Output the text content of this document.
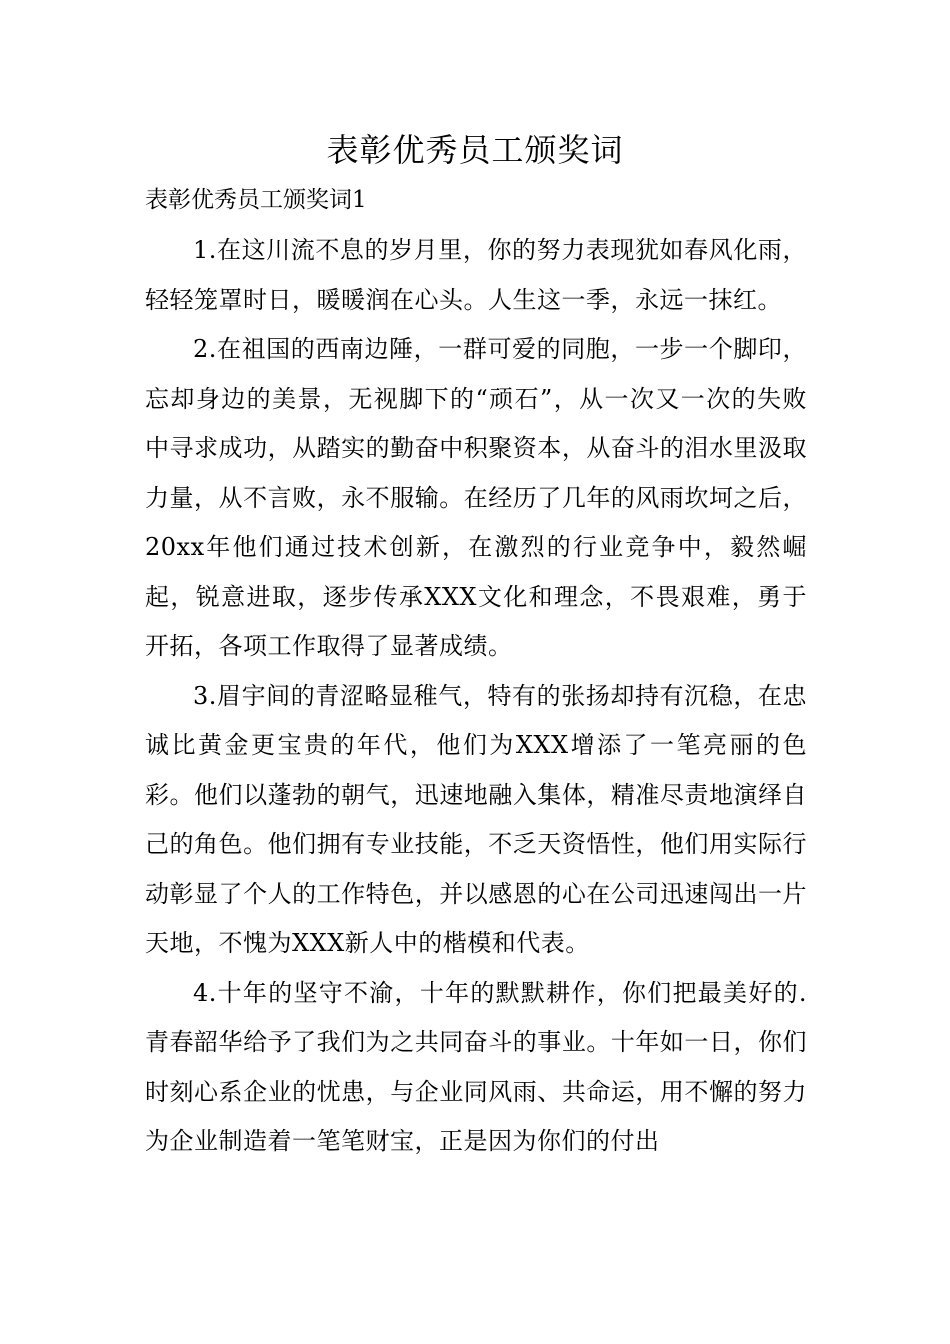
表彰优秀员工颁奖词

表彰优秀员工颁奖词1

1.在这川流不息的岁月里，你的努力表现犹如春风化雨，轻轻笼罩时日，暖暖润在心头。人生这一季，永远一抹红。

2.在祖国的西南边陲，一群可爱的同胞，一步一个脚印，忘却身边的美景，无视脚下的“顽石”，从一次又一次的失败中寻求成功，从踏实的勤奋中积聚资本，从奋斗的泪水里汲取力量，从不言败，永不服输。在经历了几年的风雨坎坷之后，20xx年他们通过技术创新，在激烈的行业竞争中，毅然崛起，锐意进取，逐步传承XXX文化和理念，不畏艰难，勇于开拓，各项工作取得了显著成绩。

3.眉宇间的青涩略显稚气，特有的张扬却持有沉稳，在忠诚比黄金更宝贵的年代，他们为XXX增添了一笔亮丽的色彩。他们以蓬勃的朝气，迅速地融入集体，精准尽责地演绎自己的角色。他们拥有专业技能，不乏天资悟性，他们用实际行动彰显了个人的工作特色，并以感恩的心在公司迅速闯出一片天地，不愧为XXX新人中的楷模和代表。

4.十年的坚守不渝，十年的默默耕作，你们把最美好的.青春韶华给予了我们为之共同奋斗的事业。十年如一日，你们时刻心系企业的忧患，与企业同风雨、共命运，用不懈的努力为企业制造着一笔笔财宝，正是因为你们的付出
